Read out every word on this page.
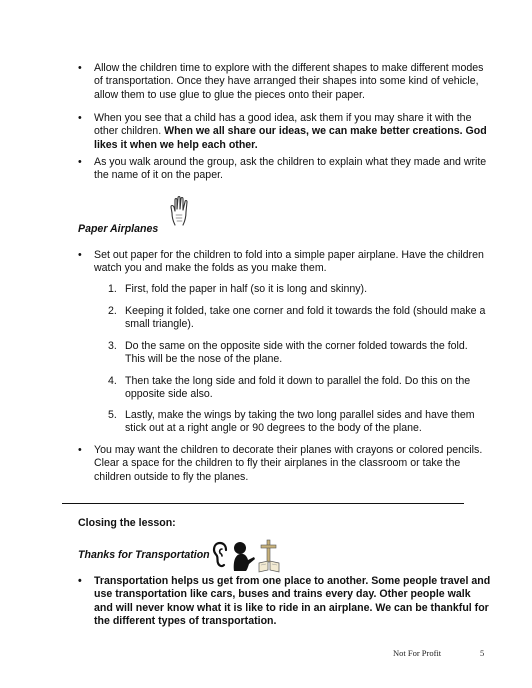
• Allow the children time to explore with the different shapes to make different modes of transportation. Once they have arranged their shapes into some kind of vehicle, allow them to use glue to glue the pieces onto their paper.
• When you see that a child has a good idea, ask them if you may share it with the other children. When we all share our ideas, we can make better creations. God likes it when we help each other.
• As you walk around the group, ask the children to explain what they made and write the name of it on the paper.
Paper Airplanes
• Set out paper for the children to fold into a simple paper airplane. Have the children watch you and make the folds as you make them.
1. First, fold the paper in half (so it is long and skinny).
2. Keeping it folded, take one corner and fold it towards the fold (should make a small triangle).
3. Do the same on the opposite side with the corner folded towards the fold. This will be the nose of the plane.
4. Then take the long side and fold it down to parallel the fold. Do this on the opposite side also.
5. Lastly, make the wings by taking the two long parallel sides and have them stick out at a right angle or 90 degrees to the body of the plane.
• You may want the children to decorate their planes with crayons or colored pencils. Clear a space for the children to fly their airplanes in the classroom or take the children outside to fly the planes.
Closing the lesson:
Thanks for Transportation
• Transportation helps us get from one place to another. Some people travel and use transportation like cars, buses and trains every day. Other people walk and will never know what it is like to ride in an airplane. We can be thankful for the different types of transportation.
Not For Profit	5
